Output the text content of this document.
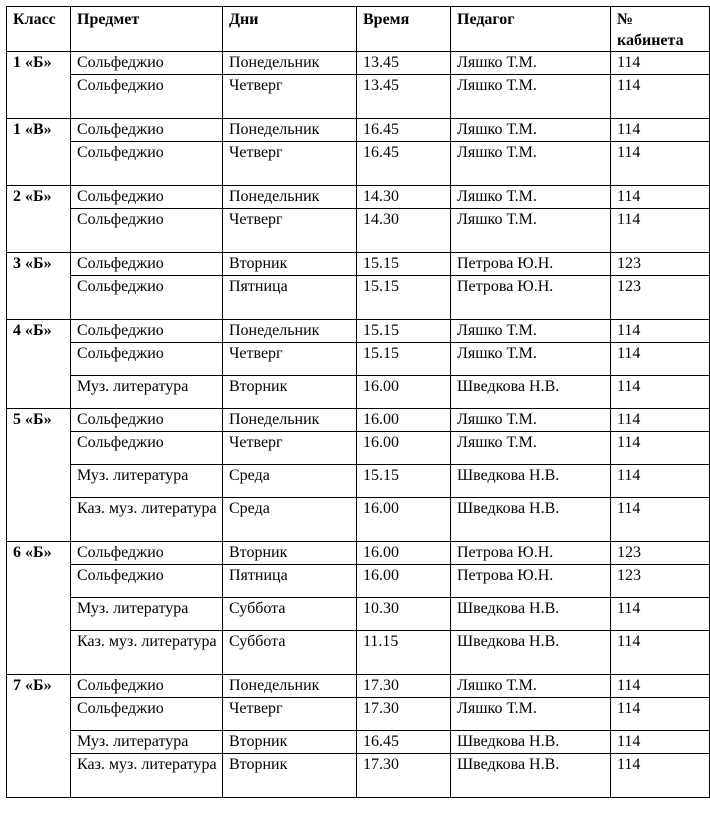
Класс	Предмет	Дни	Время	Педагог	№
кабинета

1 «Б»	Сольфеджио	Понедельник	13.45	Ляшко Т.М.	114
	Сольфеджио	Четверг	13.45	Ляшко Т.М.	114
1 «В»	Сольфеджио	Понедельник	16.45	Ляшко Т.М.	114
	Сольфеджио	Четверг	16.45	Ляшко Т.М.	114
2 «Б»	Сольфеджио	Понедельник	14.30	Ляшко Т.М.	114
	Сольфеджио	Четверг	14.30	Ляшко Т.М.	114
3 «Б»	Сольфеджио	Вторник	15.15	Петрова Ю.Н.	123
	Сольфеджио	Пятница	15.15	Петрова Ю.Н.	123
4 «Б»	Сольфеджио	Понедельник	15.15	Ляшко Т.М.	114
	Сольфеджио	Четверг	15.15	Ляшко Т.М.	114
	Муз. литература	Вторник	16.00	Шведкова Н.В.	114
5 «Б»	Сольфеджио	Понедельник	16.00	Ляшко Т.М.	114
	Сольфеджио	Четверг	16.00	Ляшко Т.М.	114
	Муз. литература	Среда	15.15	Шведкова Н.В.	114
	Каз. муз. литература	Среда	16.00	Шведкова Н.В.	114
6 «Б»	Сольфеджио	Вторник	16.00	Петрова Ю.Н.	123
	Сольфеджио	Пятница	16.00	Петрова Ю.Н.	123
	Муз. литература	Суббота	10.30	Шведкова Н.В.	114
	Каз. муз. литература	Суббота	11.15	Шведкова Н.В.	114
7 «Б»	Сольфеджио	Понедельник	17.30	Ляшко Т.М.	114
	Сольфеджио	Четверг	17.30	Ляшко Т.М.	114
	Муз. литература	Вторник	16.45	Шведкова Н.В.	114
	Каз. муз. литература	Вторник	17.30	Шведкова Н.В.	114
